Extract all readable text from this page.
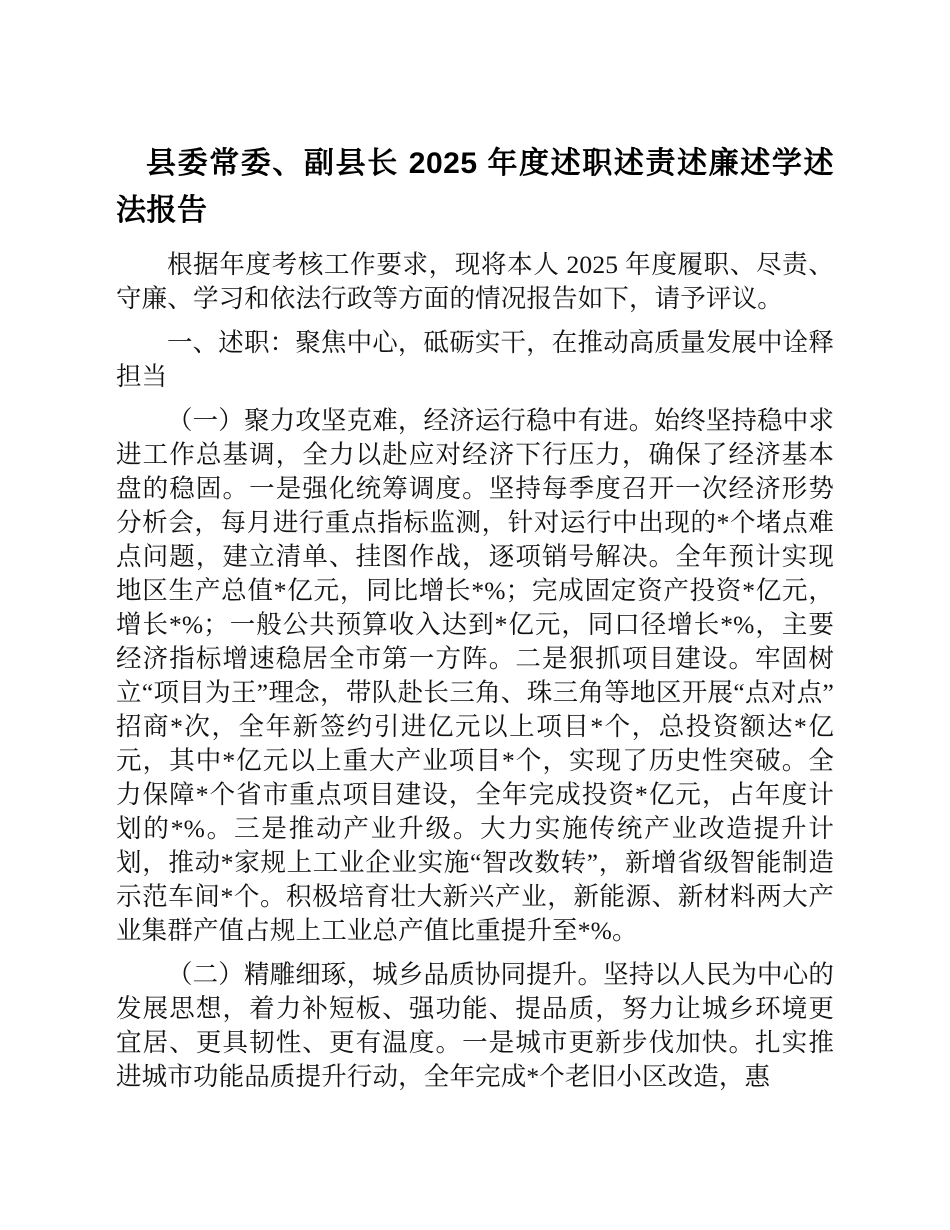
县委常委、副县长 2025 年度述职述责述廉述学述法报告

根据年度考核工作要求，现将本人 2025 年度履职、尽责、守廉、学习和依法行政等方面的情况报告如下，请予评议。

一、述职：聚焦中心，砥砺实干，在推动高质量发展中诠释担当

（一）聚力攻坚克难，经济运行稳中有进。始终坚持稳中求进工作总基调，全力以赴应对经济下行压力，确保了经济基本盘的稳固。一是强化统筹调度。坚持每季度召开一次经济形势分析会，每月进行重点指标监测，针对运行中出现的*个堵点难点问题，建立清单、挂图作战，逐项销号解决。全年预计实现地区生产总值*亿元，同比增长*%；完成固定资产投资*亿元，增长*%；一般公共预算收入达到*亿元，同口径增长*%，主要经济指标增速稳居全市第一方阵。二是狠抓项目建设。牢固树立“项目为王”理念，带队赴长三角、珠三角等地区开展“点对点”招商*次，全年新签约引进亿元以上项目*个，总投资额达*亿元，其中*亿元以上重大产业项目*个，实现了历史性突破。全力保障*个省市重点项目建设，全年完成投资*亿元，占年度计划的*%。三是推动产业升级。大力实施传统产业改造提升计划，推动*家规上工业企业实施“智改数转”，新增省级智能制造示范车间*个。积极培育壮大新兴产业，新能源、新材料两大产业集群产值占规上工业总产值比重提升至*%。

（二）精雕细琢，城乡品质协同提升。坚持以人民为中心的发展思想，着力补短板、强功能、提品质，努力让城乡环境更宜居、更具韧性、更有温度。一是城市更新步伐加快。扎实推进城市功能品质提升行动，全年完成*个老旧小区改造，惠
